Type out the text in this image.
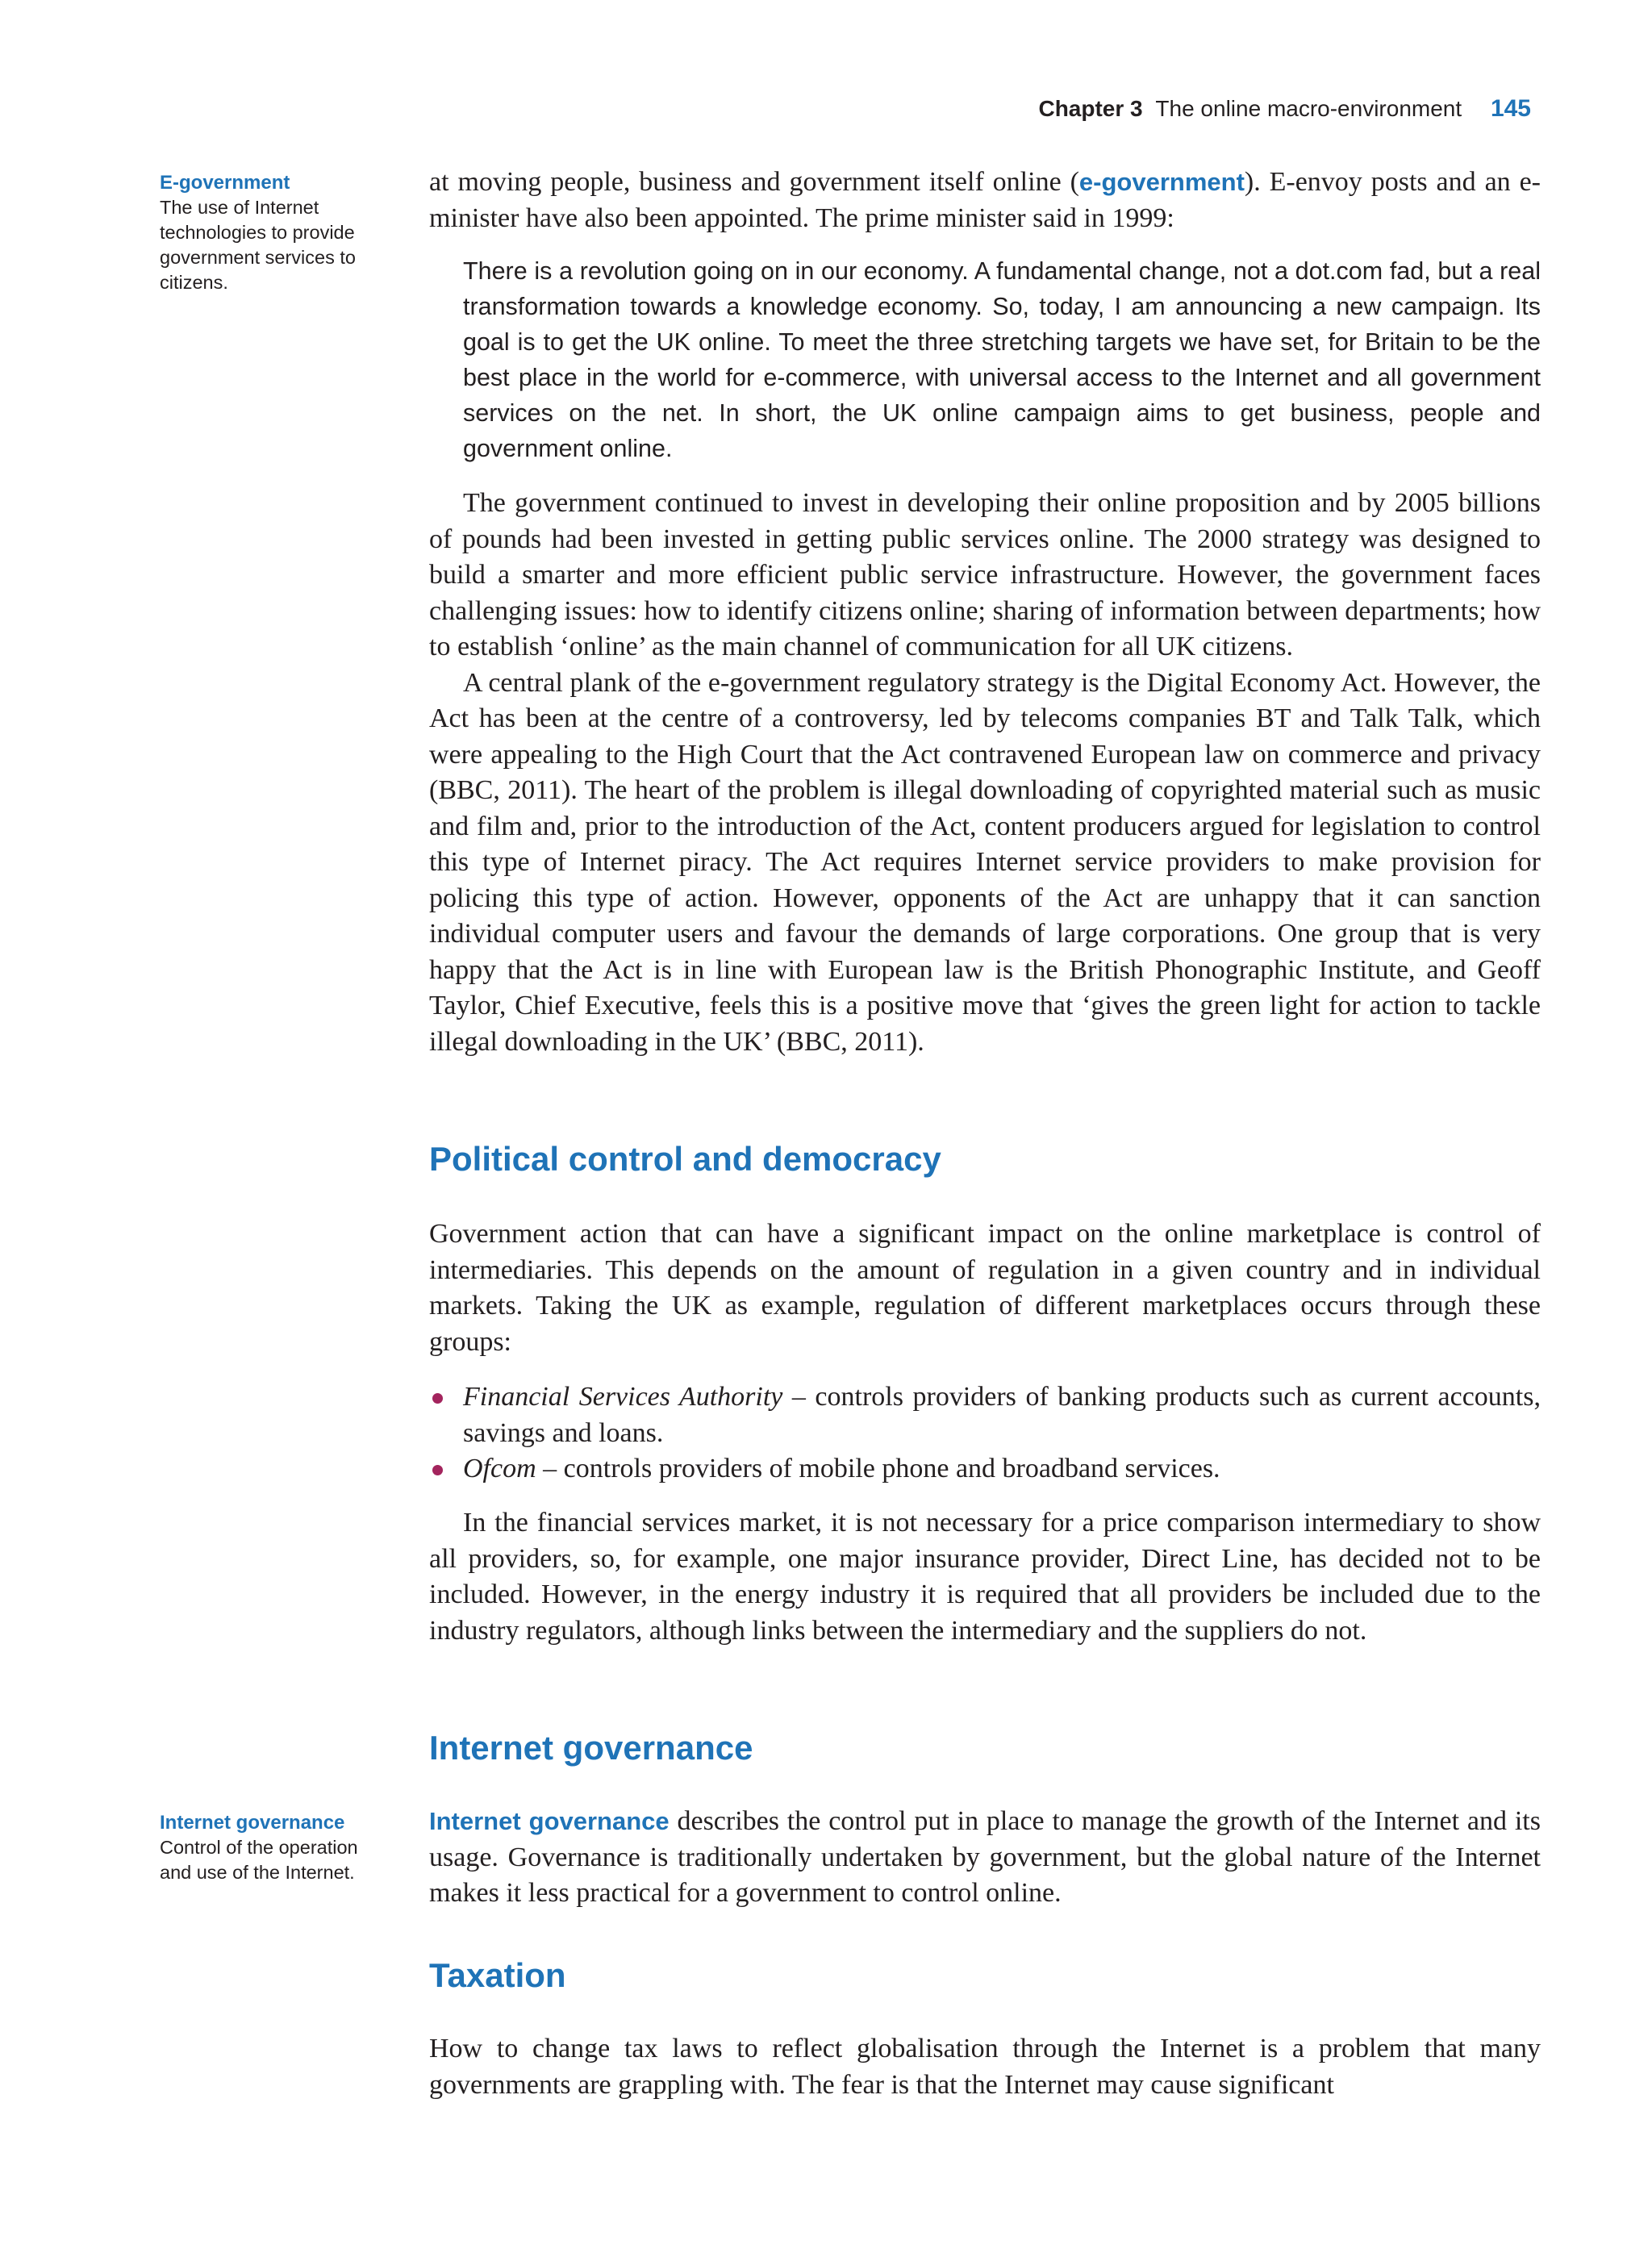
Chapter 3 The online macro-environment 145
E-government
The use of Internet technologies to provide government services to citizens.

at moving people, business and government itself online (e-government). E-envoy posts and an e-minister have also been appointed. The prime minister said in 1999:

There is a revolution going on in our economy. A fundamental change, not a dot.com fad, but a real transformation towards a knowledge economy. So, today, I am announcing a new campaign. Its goal is to get the UK online. To meet the three stretching targets we have set, for Britain to be the best place in the world for e-commerce, with universal access to the Internet and all government services on the net. In short, the UK online campaign aims to get business, people and government online.

The government continued to invest in developing their online proposition and by 2005 billions of pounds had been invested in getting public services online. The 2000 strategy was designed to build a smarter and more efficient public service infrastructure. However, the government faces challenging issues: how to identify citizens online; sharing of information between departments; how to establish ‘online’ as the main channel of communication for all UK citizens.

A central plank of the e-government regulatory strategy is the Digital Economy Act. However, the Act has been at the centre of a controversy, led by telecoms companies BT and Talk Talk, which were appealing to the High Court that the Act contravened European law on commerce and privacy (BBC, 2011). The heart of the problem is illegal downloading of copyrighted material such as music and film and, prior to the introduction of the Act, content producers argued for legislation to control this type of Internet piracy. The Act requires Internet service providers to make provision for policing this type of action. However, opponents of the Act are unhappy that it can sanction individual computer users and favour the demands of large corporations. One group that is very happy that the Act is in line with European law is the British Phonographic Institute, and Geoff Taylor, Chief Executive, feels this is a positive move that ‘gives the green light for action to tackle illegal downloading in the UK’ (BBC, 2011).

Political control and democracy

Government action that can have a significant impact on the online marketplace is control of intermediaries. This depends on the amount of regulation in a given country and in individual markets. Taking the UK as example, regulation of different marketplaces occurs through these groups:

Financial Services Authority – controls providers of banking products such as current accounts, savings and loans.
Ofcom – controls providers of mobile phone and broadband services.

In the financial services market, it is not necessary for a price comparison intermediary to show all providers, so, for example, one major insurance provider, Direct Line, has decided not to be included. However, in the energy industry it is required that all providers be included due to the industry regulators, although links between the intermediary and the suppliers do not.

Internet governance
Internet governance
Control of the operation and use of the Internet.

Internet governance describes the control put in place to manage the growth of the Internet and its usage. Governance is traditionally undertaken by government, but the global nature of the Internet makes it less practical for a government to control online.

Taxation

How to change tax laws to reflect globalisation through the Internet is a problem that many governments are grappling with. The fear is that the Internet may cause significant
